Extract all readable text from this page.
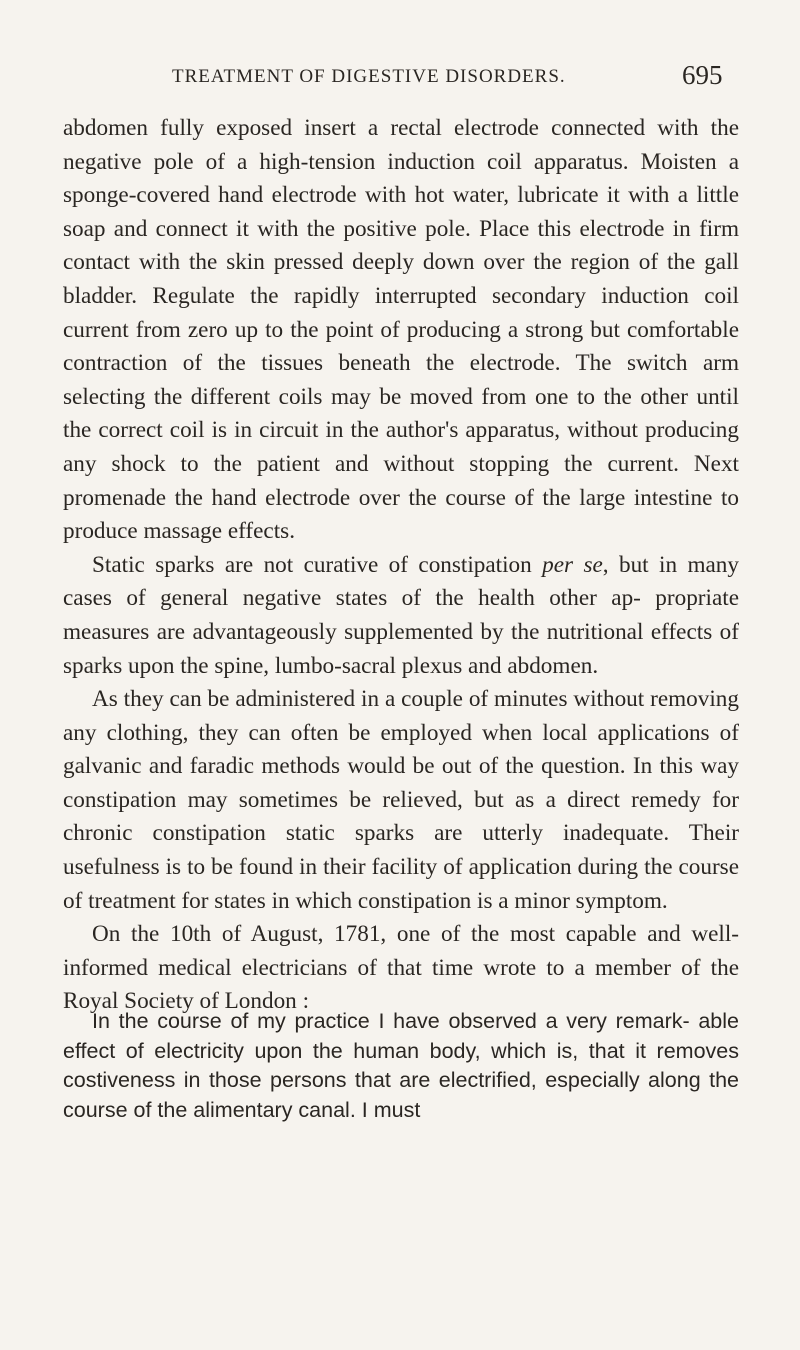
TREATMENT OF DIGESTIVE DISORDERS.	695

abdomen fully exposed insert a rectal electrode connected with the negative pole of a high-tension induction coil apparatus. Moisten a sponge-covered hand electrode with hot water, lubricate it with a little soap and connect it with the positive pole. Place this electrode in firm contact with the skin pressed deeply down over the region of the gall bladder. Regulate the rapidly interrupted secondary induction coil current from zero up to the point of producing a strong but comfortable contraction of the tissues beneath the electrode. The switch arm selecting the different coils may be moved from one to the other until the correct coil is in circuit in the author's apparatus, without producing any shock to the patient and without stopping the current. Next promenade the hand electrode over the course of the large intestine to produce massage effects.

Static sparks are not curative of constipation per se, but in many cases of general negative states of the health other ap- propriate measures are advantageously supplemented by the nutritional effects of sparks upon the spine, lumbo-sacral plexus and abdomen.

As they can be administered in a couple of minutes without removing any clothing, they can often be employed when local applications of galvanic and faradic methods would be out of the question. In this way constipation may sometimes be relieved, but as a direct remedy for chronic constipation static sparks are utterly inadequate. Their usefulness is to be found in their facility of application during the course of treatment for states in which constipation is a minor symptom.

On the 10th of August, 1781, one of the most capable and well-informed medical electricians of that time wrote to a member of the Royal Society of London :

In the course of my practice I have observed a very remark- able effect of electricity upon the human body, which is, that it removes costiveness in those persons that are electrified, especially along the course of the alimentary canal. I must
